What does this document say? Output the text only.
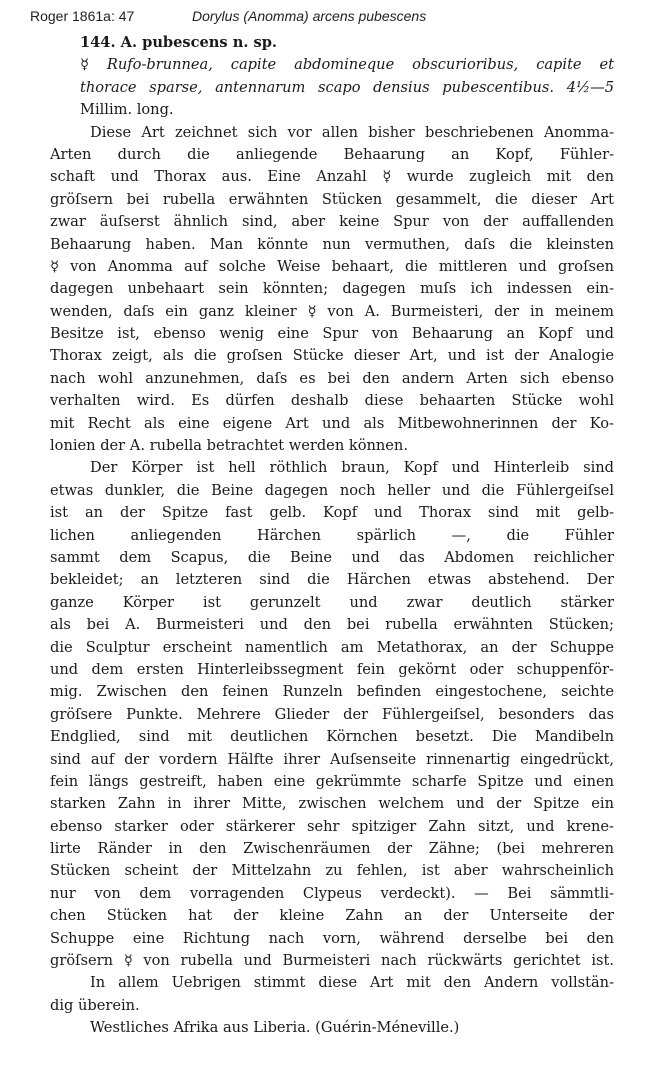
Roger 1861a: 47	Dorylus (Anomma) arcens pubescens
144. A. pubescens n. sp.
☿ Rufo-brunnea, capite abdomineque obscurioribus, capite et
thorace sparse, antennarum scapo densius pubescentibus. 4½—5
Millim. long.
Diese Art zeichnet sich vor allen bisher beschriebenen Anomma-
Arten durch die anliegende Behaarung an Kopf, Fühler-
schaft und Thorax aus. Eine Anzahl ☿ wurde zugleich mit den
gröſsern bei rubella erwähnten Stücken gesammelt, die dieser Art
zwar äuſserst ähnlich sind, aber keine Spur von der auffallenden
Behaarung haben. Man könnte nun vermuthen, daſs die kleinsten
☿ von Anomma auf solche Weise behaart, die mittleren und groſsen
dagegen unbehaart sein könnten; dagegen muſs ich indessen ein-
wenden, daſs ein ganz kleiner ☿ von A. Burmeisteri, der in meinem
Besitze ist, ebenso wenig eine Spur von Behaarung an Kopf und
Thorax zeigt, als die groſsen Stücke dieser Art, und ist der Analogie
nach wohl anzunehmen, daſs es bei den andern Arten sich ebenso
verhalten wird. Es dürfen deshalb diese behaarten Stücke wohl
mit Recht als eine eigene Art und als Mitbewohnerinnen der Ko-
lonien der A. rubella betrachtet werden können.
Der Körper ist hell röthlich braun, Kopf und Hinterleib sind
etwas dunkler, die Beine dagegen noch heller und die Fühlergeiſsel
ist an der Spitze fast gelb. Kopf und Thorax sind mit gelb-
lichen anliegenden Härchen spärlich —, die Fühler
sammt dem Scapus, die Beine und das Abdomen reichlicher
bekleidet; an letzteren sind die Härchen etwas abstehend. Der
ganze Körper ist gerunzelt und zwar deutlich stärker
als bei A. Burmeisteri und den bei rubella erwähnten Stücken;
die Sculptur erscheint namentlich am Metathorax, an der Schuppe
und dem ersten Hinterleibssegment fein gekörnt oder schuppenför-
mig. Zwischen den feinen Runzeln befinden eingestochene, seichte
gröſsere Punkte. Mehrere Glieder der Fühlergeiſsel, besonders das
Endglied, sind mit deutlichen Körnchen besetzt. Die Mandibeln
sind auf der vordern Hälfte ihrer Auſsenseite rinnenartig eingedrückt,
fein längs gestreift, haben eine gekrümmte scharfe Spitze und einen
starken Zahn in ihrer Mitte, zwischen welchem und der Spitze ein
ebenso starker oder stärkerer sehr spitziger Zahn sitzt, und krene-
lirte Ränder in den Zwischenräumen der Zähne; (bei mehreren
Stücken scheint der Mittelzahn zu fehlen, ist aber wahrscheinlich
nur von dem vorragenden Clypeus verdeckt). — Bei sämmtli-
chen Stücken hat der kleine Zahn an der Unterseite der
Schuppe eine Richtung nach vorn, während derselbe bei den
gröſsern ☿ von rubella und Burmeisteri nach rückwärts gerichtet ist.
In allem Uebrigen stimmt diese Art mit den Andern vollstän-
dig überein.
Westliches Afrika aus Liberia. (Guérin-Méneville.)
